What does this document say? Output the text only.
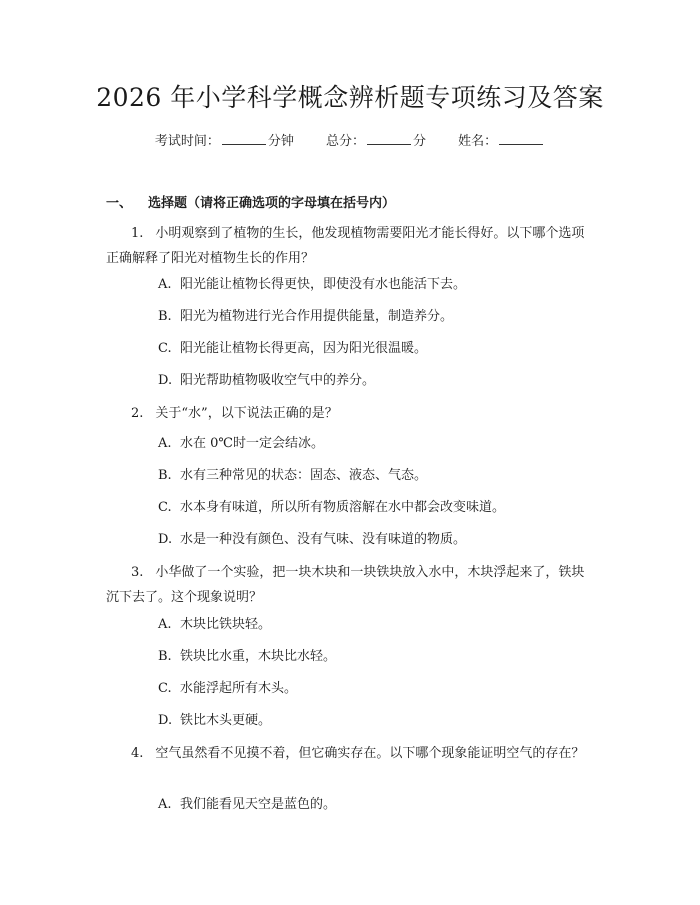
2026 年小学科学概念辨析题专项练习及答案
考试时间：	分钟 总分：	分 姓名：
一、 选择题（请将正确选项的字母填在括号内）
1. 小明观察到了植物的生长，他发现植物需要阳光才能长得好。以下哪个选项正确解释了阳光对植物生长的作用？
A. 阳光能让植物长得更快，即使没有水也能活下去。
B. 阳光为植物进行光合作用提供能量，制造养分。
C. 阳光能让植物长得更高，因为阳光很温暖。
D. 阳光帮助植物吸收空气中的养分。
2. 关于“水”，以下说法正确的是？
A. 水在 0℃时一定会结冰。
B. 水有三种常见的状态：固态、液态、气态。
C. 水本身有味道，所以所有物质溶解在水中都会改变味道。
D. 水是一种没有颜色、没有气味、没有味道的物质。
3. 小华做了一个实验，把一块木块和一块铁块放入水中，木块浮起来了，铁块沉下去了。这个现象说明？
A. 木块比铁块轻。
B. 铁块比水重，木块比水轻。
C. 水能浮起所有木头。
D. 铁比木头更硬。
4. 空气虽然看不见摸不着，但它确实存在。以下哪个现象能证明空气的存在？
A. 我们能看见天空是蓝色的。
